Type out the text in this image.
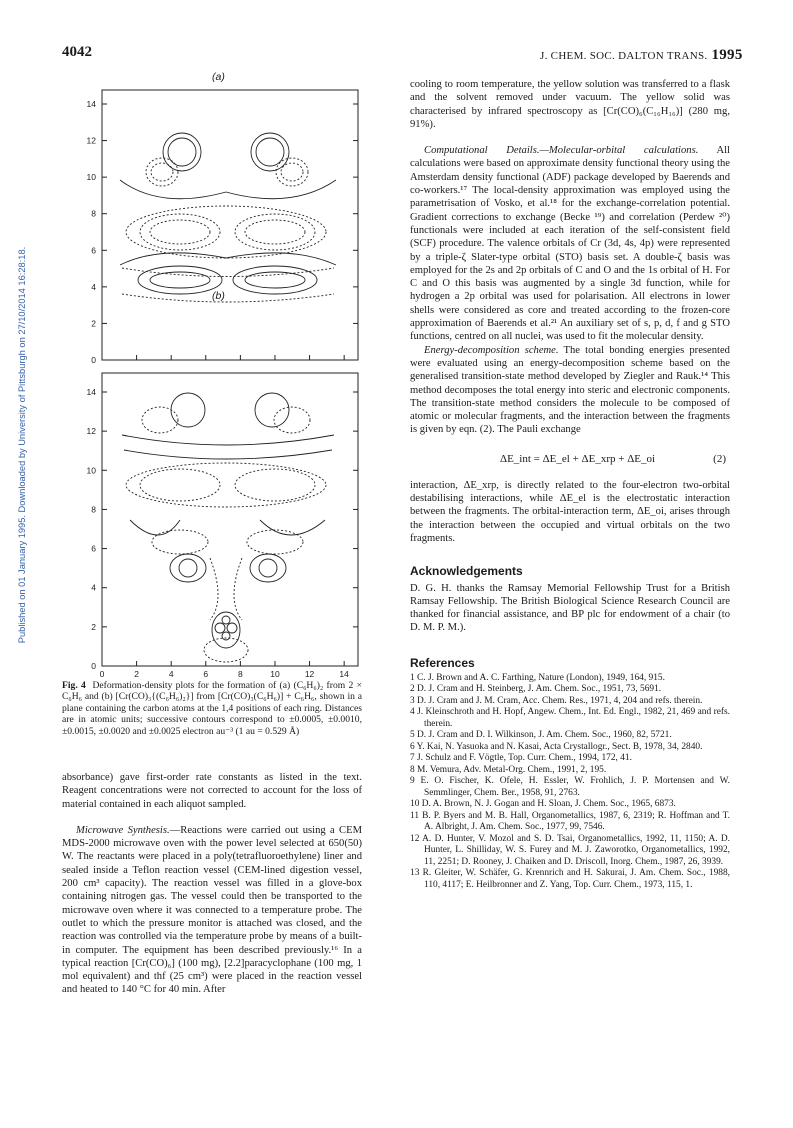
4042	J. CHEM. SOC. DALTON TRANS. 1995
Published on 01 January 1995. Downloaded by University of Pittsburgh on 27/10/2014 16:28:18.
(a)
(b)
0
2
4
6
8
10
12
14
0
2
4
6
8
10
12
14
0	2	4	6	8	10	12	14
Fig. 4 Deformation-density plots for the formation of (a) (C₆H₆)₂ from 2 × C₆H₆ and (b) [Cr(CO)₃{(C₆H₆)₂}] from [Cr(CO)₃(C₆H₆)] + C₆H₆, shown in a plane containing the carbon atoms at the 1,4 positions of each ring. Distances are in atomic units; successive contours correspond to ±0.0005, ±0.0010, ±0.0015, ±0.0020 and ±0.0025 electron au⁻³ (1 au = 0.529 Å)

absorbance) gave first-order rate constants as listed in the text. Reagent concentrations were not corrected to account for the loss of material contained in each aliquot sampled.

Microwave Synthesis.—Reactions were carried out using a CEM MDS-2000 microwave oven with the power level selected at 650(50) W. The reactants were placed in a poly(tetrafluoroethylene) liner and sealed inside a Teflon reaction vessel (CEM-lined digestion vessel, 200 cm³ capacity). The reaction vessel was filled in a glove-box containing nitrogen gas. The vessel could then be transported to the microwave oven where it was connected to a temperature probe. The outlet to which the pressure monitor is attached was closed, and the reaction was controlled via the temperature probe by means of a built-in computer. The equipment has been described previously.¹⁶ In a typical reaction [Cr(CO)₆] (100 mg), [2.2]paracyclophane (100 mg, 1 mol equivalent) and thf (25 cm³) were placed in the reaction vessel and heated to 140 °C for 40 min. After

cooling to room temperature, the yellow solution was transferred to a flask and the solvent removed under vacuum. The yellow solid was characterised by infrared spectroscopy as [Cr(CO)₆(C₁₆H₁₆)] (280 mg, 91%).

Computational Details.—Molecular-orbital calculations. All calculations were based on approximate density functional theory using the Amsterdam density functional (ADF) package developed by Baerends and co-workers.¹⁷ The local-density approximation was employed using the parametrisation of Vosko, et al.¹⁸ for the exchange-correlation potential. Gradient corrections to exchange (Becke ¹⁹) and correlation (Perdew ²⁰) functionals were included at each iteration of the self-consistent field (SCF) procedure. The valence orbitals of Cr (3d, 4s, 4p) were represented by a triple-ζ Slater-type orbital (STO) basis set. A double-ζ basis was employed for the 2s and 2p orbitals of C and O and the 1s orbital of H. For C and O this basis was augmented by a single 3d function, while for hydrogen a 2p orbital was used for polarisation. All electrons in lower shells were considered as core and treated according to the frozen-core approximation of Baerends et al.²¹ An auxiliary set of s, p, d, f and g STO functions, centred on all nuclei, was used to fit the molecular density.

Energy-decomposition scheme. The total bonding energies presented were evaluated using an energy-decomposition scheme based on the generalised transition-state method developed by Ziegler and Rauk.¹⁴ This method decomposes the total energy into steric and electronic components. The transition-state method considers the molecule to be composed of atomic or molecular fragments, and the interaction between the fragments is given by eqn. (2). The Pauli exchange

ΔE_int = ΔE_el + ΔE_xrp + ΔE_oi	(2)

interaction, ΔE_xrp, is directly related to the four-electron two-orbital destabilising interactions, while ΔE_el is the electrostatic interaction between the fragments. The orbital-interaction term, ΔE_oi, arises through the interaction between the occupied and virtual orbitals on the two fragments.

Acknowledgements

D. G. H. thanks the Ramsay Memorial Fellowship Trust for a British Ramsay Fellowship. The British Biological Science Research Council are thanked for financial assistance, and BP plc for endowment of a chair (to D. M. P. M.).

References
1 C. J. Brown and A. C. Farthing, Nature (London), 1949, 164, 915.
2 D. J. Cram and H. Steinberg, J. Am. Chem. Soc., 1951, 73, 5691.
3 D. J. Cram and J. M. Cram, Acc. Chem. Res., 1971, 4, 204 and refs. therein.
4 J. Kleinschroth and H. Hopf, Angew. Chem., Int. Ed. Engl., 1982, 21, 469 and refs. therein.
5 D. J. Cram and D. I. Wilkinson, J. Am. Chem. Soc., 1960, 82, 5721.
6 Y. Kai, N. Yasuoka and N. Kasai, Acta Crystallogr., Sect. B, 1978, 34, 2840.
7 J. Schulz and F. Vögtle, Top. Curr. Chem., 1994, 172, 41.
8 M. Vemura, Adv. Metal-Org. Chem., 1991, 2, 195.
9 E. O. Fischer, K. Ofele, H. Essler, W. Frohlich, J. P. Mortensen and W. Semmlinger, Chem. Ber., 1958, 91, 2763.
10 D. A. Brown, N. J. Gogan and H. Sloan, J. Chem. Soc., 1965, 6873.
11 B. P. Byers and M. B. Hall, Organometallics, 1987, 6, 2319; R. Hoffman and T. A. Albright, J. Am. Chem. Soc., 1977, 99, 7546.
12 A. D. Hunter, V. Mozol and S. D. Tsai, Organometallics, 1992, 11, 1150; A. D. Hunter, L. Shilliday, W. S. Furey and M. J. Zaworotko, Organometallics, 1992, 11, 2251; D. Rooney, J. Chaiken and D. Driscoll, Inorg. Chem., 1987, 26, 3939.
13 R. Gleiter, W. Schäfer, G. Krennrich and H. Sakurai, J. Am. Chem. Soc., 1988, 110, 4117; E. Heilbronner and Z. Yang, Top. Curr. Chem., 1973, 115, 1.
